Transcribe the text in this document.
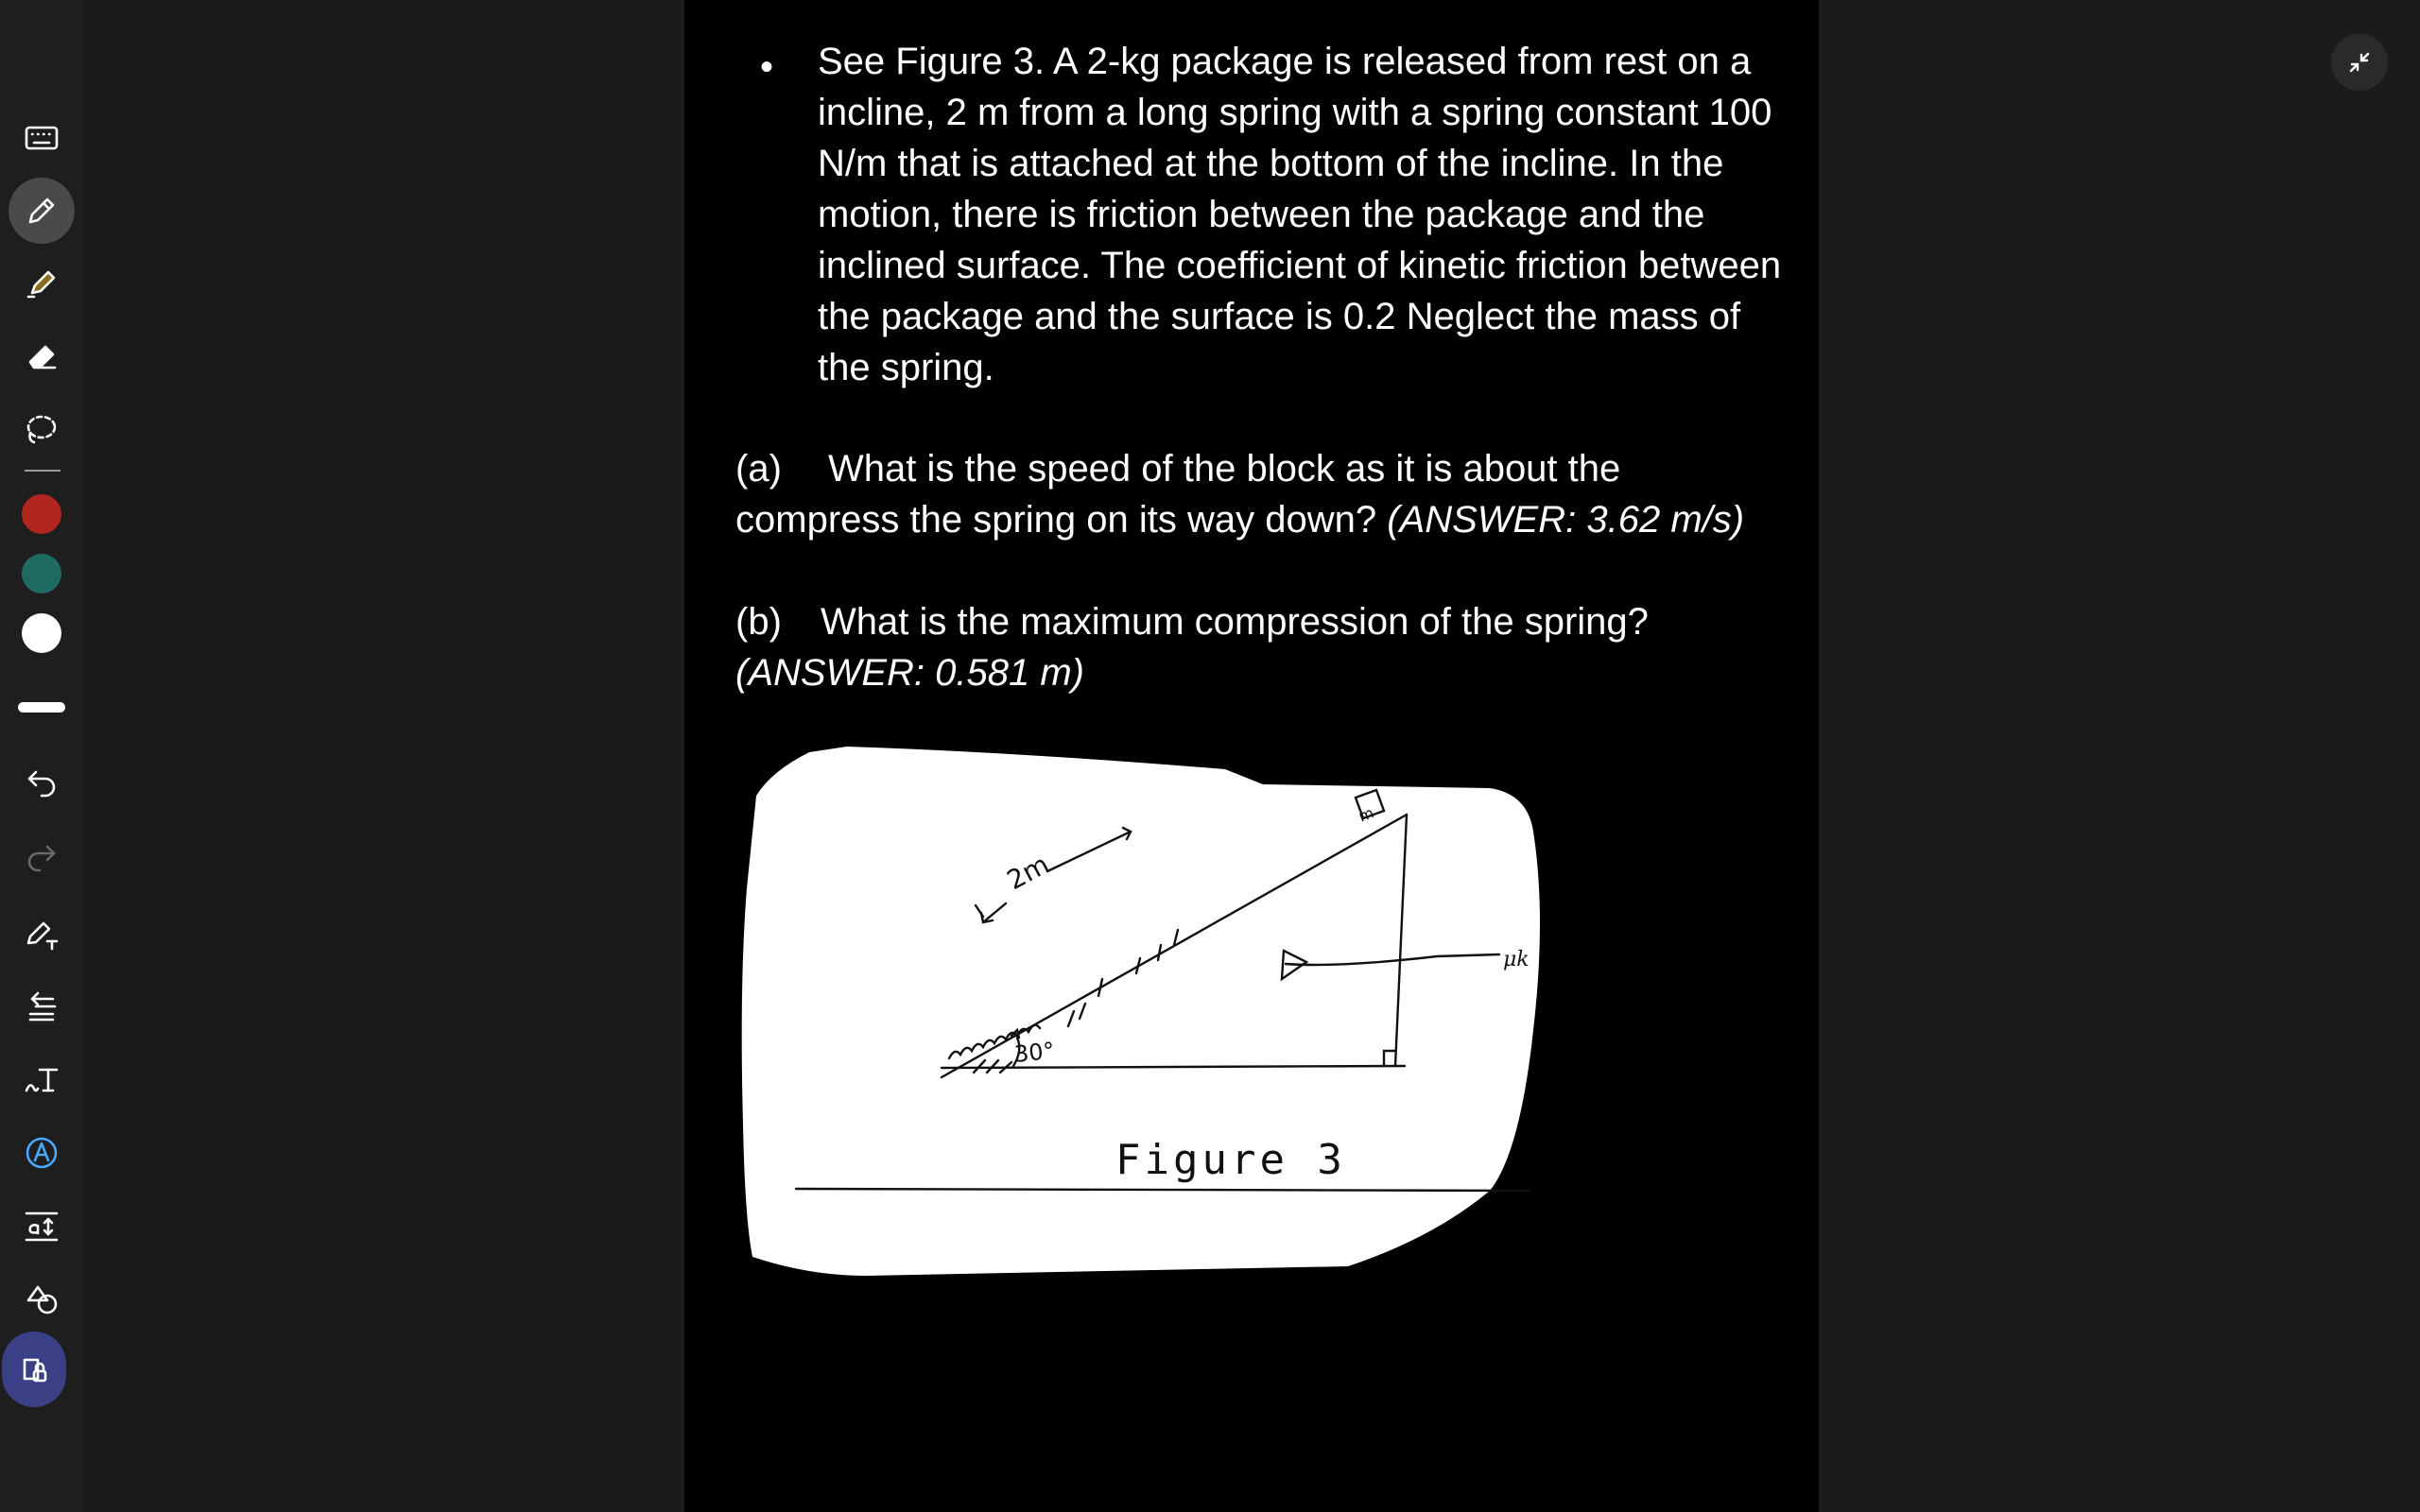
• See Figure 3. A 2-kg package is released from rest on a incline, 2 m from a long spring with a spring constant 100 N/m that is attached at the bottom of the incline. In the motion, there is friction between the package and the inclined surface. The coefficient of kinetic friction between the package and the surface is 0.2 Neglect the mass of the spring.
(a) What is the speed of the block as it is about the compress the spring on its way down? (ANSWER: 3.62 m/s)
(b) What is the maximum compression of the spring? (ANSWER: 0.581 m)
2m
30°
m
μk
Figure 3
